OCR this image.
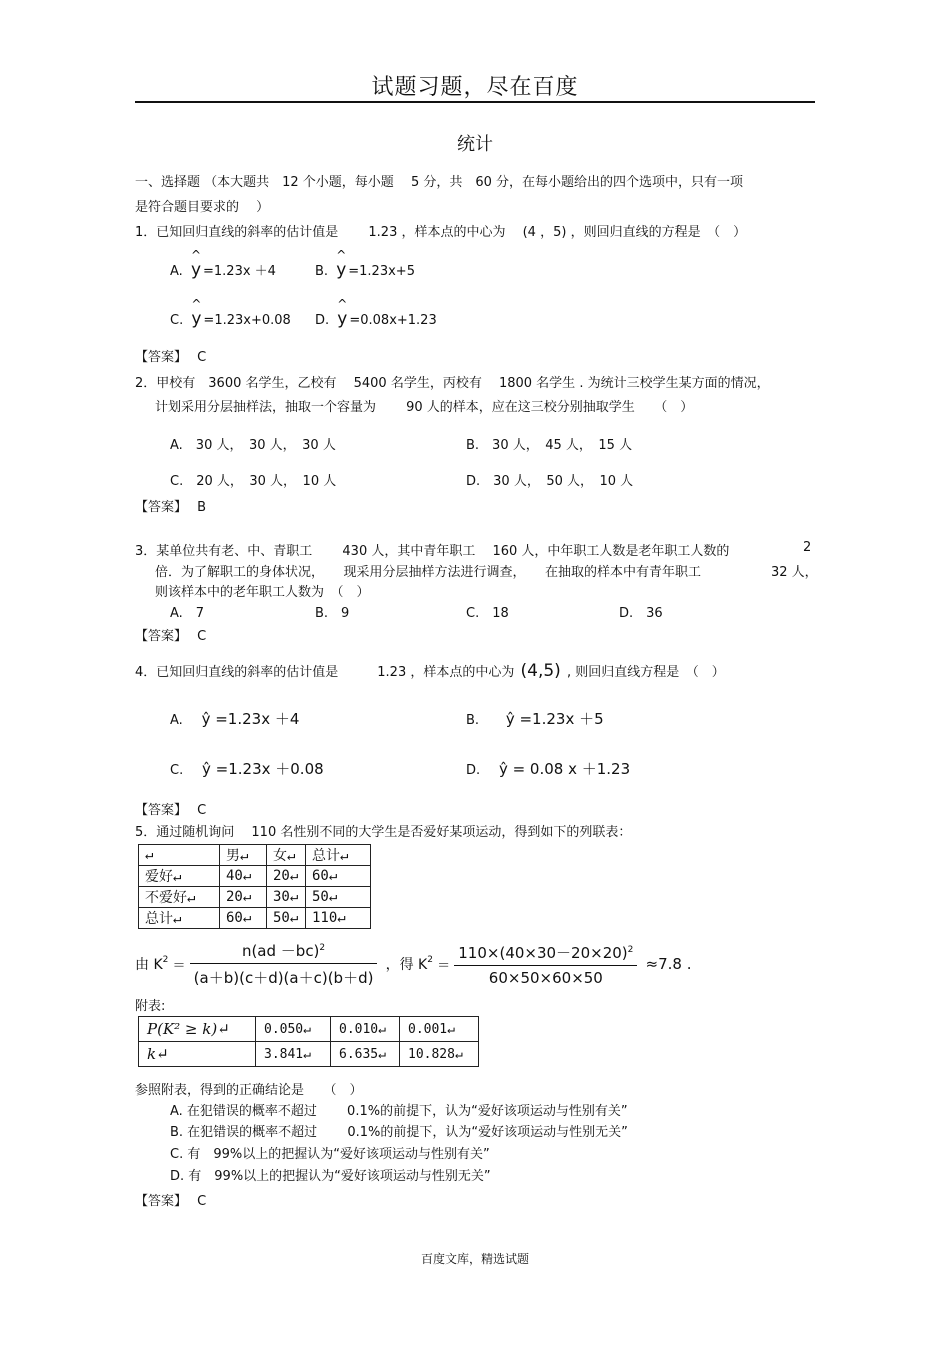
试题习题，尽在百度
统计
一、选择题 （本大题共　12 个小题，每小题　 5 分，共　60 分，在每小题给出的四个选项中，只有一项
是符合题目要求的　 ）
1．已知回归直线的斜率的估计值是　　 1.23 ，样本点的中心为　 (4 ，5) ，则回归直线的方程是　（　）
A.
^
y =1.23x ＋4	B.
^
y =1.23x+5
C.
^
y =1.23x+0.08 D.
^
y =0.08x+1.23
【答案】 C
2．甲校有　3600 名学生，乙校有　 5400 名学生，丙校有　 1800 名学生 . 为统计三校学生某方面的情况，
计划采用分层抽样法，抽取一个容量为　　 90 人的样本，应在这三校分别抽取学生　　（　）
A.　30 人，　30 人，　30 人	B.　30 人，　45 人，　15 人
C.　20 人，　30 人，　10 人	D.　30 人，　50 人，　10 人
【答案】 B
3．某单位共有老、中、青职工　　 430 人，其中青年职工　 160 人，中年职工人数是老年职工人数的	2
倍．为了解职工的身体状况，　　现采用分层抽样方法进行调查，　　在抽取的样本中有青年职工	32 人，
则该样本中的老年职工人数为　（　）
A.　7	B.　9	C.　18	D.　36
【答案】 C
4．已知回归直线的斜率的估计值是　　　1.23 ，样本点的中心为 (4,5) , 则回归直线方程是　（　）
A. ŷ =1.23x ＋4	B. ŷ =1.23x ＋5
C. ŷ =1.23x ＋0.08	D. ŷ = 0.08 x ＋1.23
【答案】 C
5．通过随机询问　 110 名性别不同的大学生是否爱好某项运动，得到如下的列联表：
↵	男↵	女↵	总计↵
爱好↵	40↵	20↵	60↵
不爱好↵	20↵	30↵	50↵
总计↵	60↵	50↵	110↵
由 $K^2 = \frac{n(ad -bc)^2}{(a+b)(c+d)(a+c)(b+d)}$ ，得 $K^2 = \frac{110\times(40\times 30-20\times 20)^2}{60\times 50\times 60\times 50} \approx 7.8$ .
附表:
P(K² ≥ k)↵	0.050↵	0.010↵	0.001↵
k↵	3.841↵	6.635↵	10.828↵
参照附表，得到的正确结论是　　（　）
A. 在犯错误的概率不超过　　 0.1%的前提下，认为“爱好该项运动与性别有关”
B. 在犯错误的概率不超过　　 0.1%的前提下，认为“爱好该项运动与性别无关”
C. 有　99%以上的把握认为“爱好该项运动与性别有关”
D. 有　99%以上的把握认为“爱好该项运动与性别无关”
【答案】 C
百度文库，精选试题
